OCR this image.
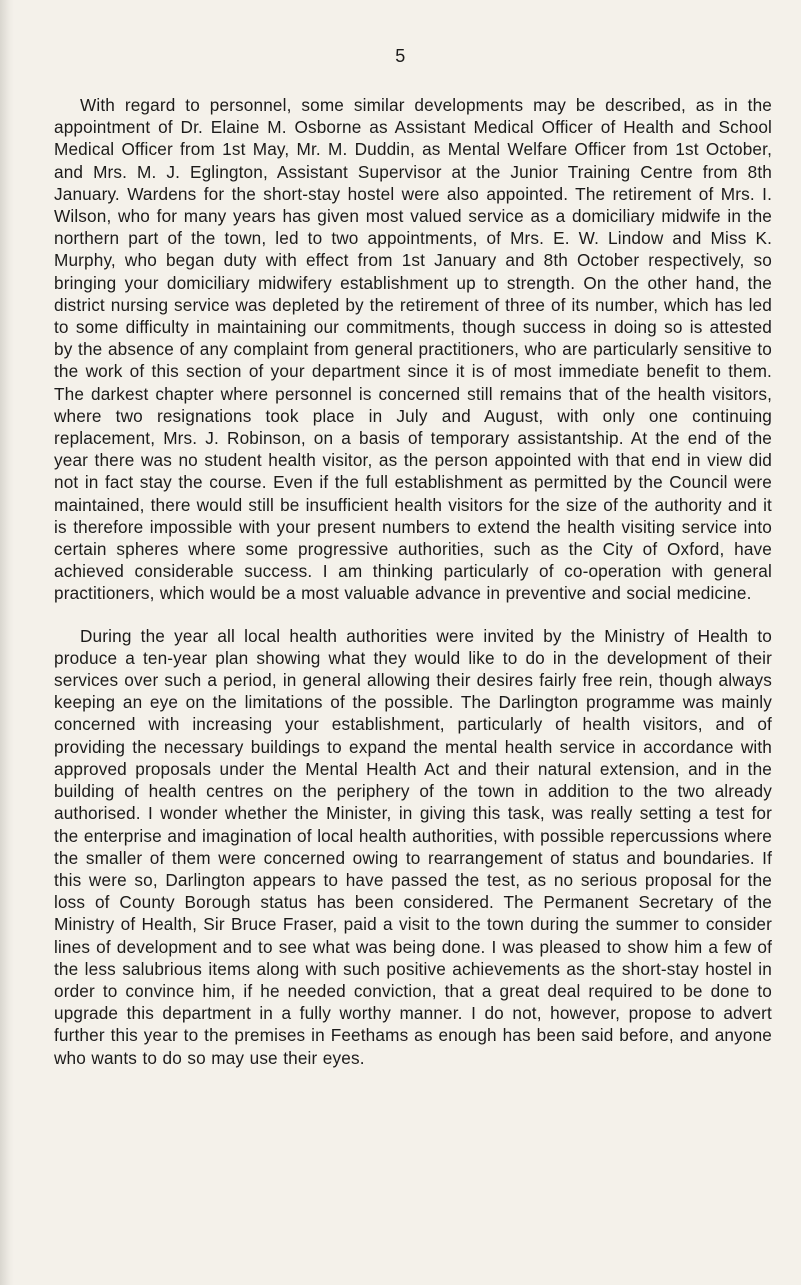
5

With regard to personnel, some similar developments may be described, as in the appointment of Dr. Elaine M. Osborne as Assistant Medical Officer of Health and School Medical Officer from 1st May, Mr. M. Duddin, as Mental Welfare Officer from 1st October, and Mrs. M. J. Eglington, Assistant Supervisor at the Junior Training Centre from 8th January. Wardens for the short-stay hostel were also appointed. The retirement of Mrs. I. Wilson, who for many years has given most valued service as a domiciliary midwife in the northern part of the town, led to two appointments, of Mrs. E. W. Lindow and Miss K. Murphy, who began duty with effect from 1st January and 8th October respectively, so bringing your domiciliary midwifery establishment up to strength. On the other hand, the district nursing service was depleted by the retirement of three of its number, which has led to some difficulty in maintaining our commitments, though success in doing so is attested by the absence of any complaint from general practitioners, who are particularly sensitive to the work of this section of your department since it is of most immediate benefit to them. The darkest chapter where personnel is concerned still remains that of the health visitors, where two resignations took place in July and August, with only one continuing replacement, Mrs. J. Robinson, on a basis of temporary assistantship. At the end of the year there was no student health visitor, as the person appointed with that end in view did not in fact stay the course. Even if the full establishment as permitted by the Council were maintained, there would still be insufficient health visitors for the size of the authority and it is therefore impossible with your present numbers to extend the health visiting service into certain spheres where some progressive authorities, such as the City of Oxford, have achieved considerable success. I am thinking particularly of co-operation with general practitioners, which would be a most valuable advance in preventive and social medicine.

During the year all local health authorities were invited by the Ministry of Health to produce a ten-year plan showing what they would like to do in the development of their services over such a period, in general allowing their desires fairly free rein, though always keeping an eye on the limitations of the possible. The Darlington programme was mainly concerned with increasing your establishment, particularly of health visitors, and of providing the necessary buildings to expand the mental health service in accordance with approved proposals under the Mental Health Act and their natural extension, and in the building of health centres on the periphery of the town in addition to the two already authorised. I wonder whether the Minister, in giving this task, was really setting a test for the enterprise and imagination of local health authorities, with possible repercussions where the smaller of them were concerned owing to rearrangement of status and boundaries. If this were so, Darlington appears to have passed the test, as no serious proposal for the loss of County Borough status has been considered. The Permanent Secretary of the Ministry of Health, Sir Bruce Fraser, paid a visit to the town during the summer to consider lines of development and to see what was being done. I was pleased to show him a few of the less salubrious items along with such positive achievements as the short-stay hostel in order to convince him, if he needed conviction, that a great deal required to be done to upgrade this department in a fully worthy manner. I do not, however, propose to advert further this year to the premises in Feethams as enough has been said before, and anyone who wants to do so may use their eyes.
